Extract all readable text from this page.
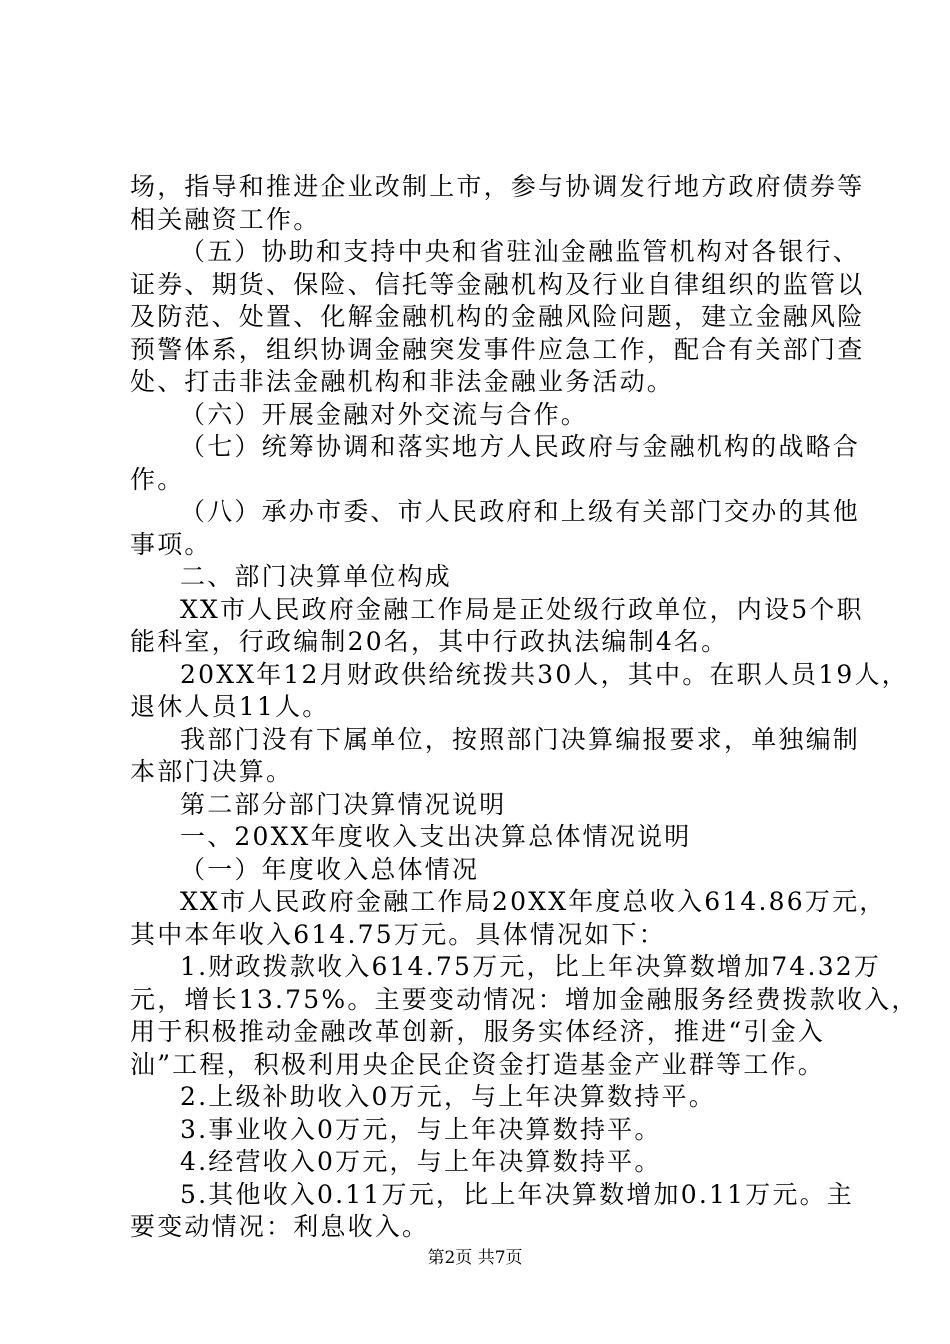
场，指导和推进企业改制上市，参与协调发行地方政府债券等
相关融资工作。
（五）协助和支持中央和省驻汕金融监管机构对各银行、
证券、期货、保险、信托等金融机构及行业自律组织的监管以
及防范、处置、化解金融机构的金融风险问题，建立金融风险
预警体系，组织协调金融突发事件应急工作，配合有关部门查
处、打击非法金融机构和非法金融业务活动。
（六）开展金融对外交流与合作。
（七）统筹协调和落实地方人民政府与金融机构的战略合
作。
（八）承办市委、市人民政府和上级有关部门交办的其他
事项。
二、部门决算单位构成
XX市人民政府金融工作局是正处级行政单位，内设5个职
能科室，行政编制20名，其中行政执法编制4名。
20XX年12月财政供给统拨共30人，其中。在职人员19人，
退休人员11人。
我部门没有下属单位，按照部门决算编报要求，单独编制
本部门决算。
第二部分部门决算情况说明
一、20XX年度收入支出决算总体情况说明
（一）年度收入总体情况
XX市人民政府金融工作局20XX年度总收入614.86万元，
其中本年收入614.75万元。具体情况如下：
1.财政拨款收入614.75万元，比上年决算数增加74.32万
元，增长13.75%。主要变动情况：增加金融服务经费拨款收入，
用于积极推动金融改革创新，服务实体经济，推进“引金入
汕”工程，积极利用央企民企资金打造基金产业群等工作。
2.上级补助收入0万元，与上年决算数持平。
3.事业收入0万元，与上年决算数持平。
4.经营收入0万元，与上年决算数持平。
5.其他收入0.11万元，比上年决算数增加0.11万元。主
要变动情况：利息收入。
第2页 共7页
